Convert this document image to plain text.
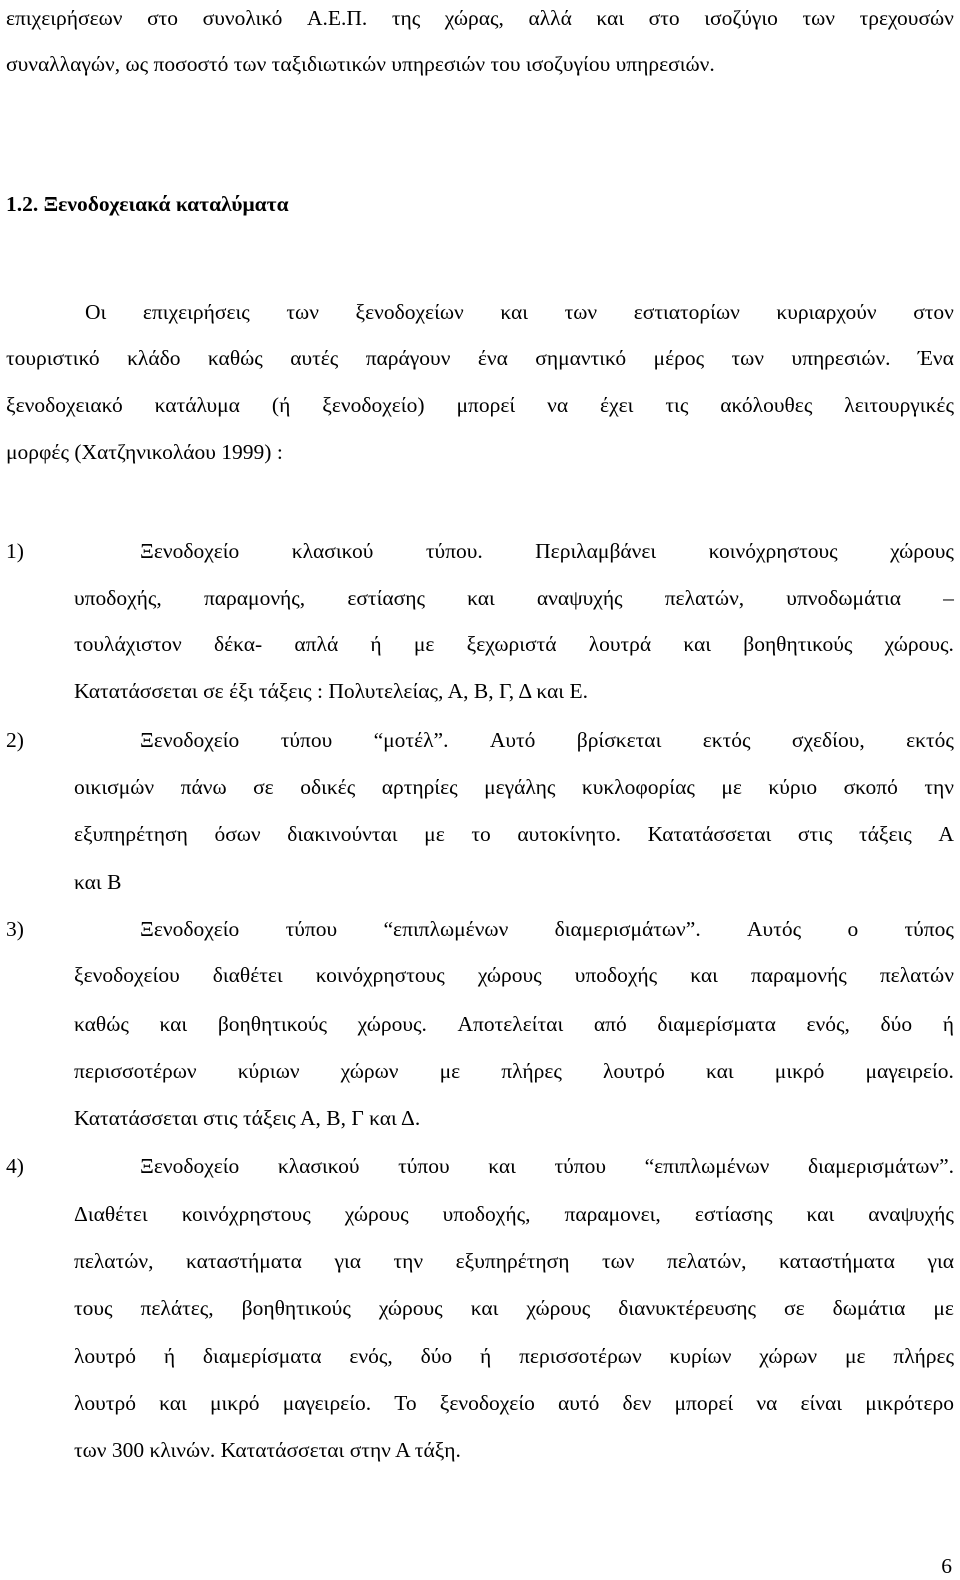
επιχειρήσεων στο συνολικό Α.Ε.Π. της χώρας, αλλά και στο ισοζύγιο των τρεχουσών

συναλλαγών, ως ποσοστό των ταξιδιωτικών υπηρεσιών του ισοζυγίου υπηρεσιών.

1.2. Ξενοδοχειακά καταλύματα

Οι επιχειρήσεις των ξενοδοχείων και των εστιατορίων κυριαρχούν στον

τουριστικό κλάδο καθώς αυτές παράγουν ένα σημαντικό μέρος των υπηρεσιών. Ένα

ξενοδοχειακό κατάλυμα (ή ξενοδοχείο) μπορεί να έχει τις ακόλουθες λειτουργικές

μορφές (Χατζηνικολάου 1999) :

1)	Ξενοδοχείο κλασικού τύπου. Περιλαμβάνει κοινόχρηστους χώρους

υποδοχής, παραμονής, εστίασης και αναψυχής πελατών, υπνοδωμάτια –

τουλάχιστον δέκα- απλά ή με ξεχωριστά λουτρά και βοηθητικούς χώρους.

Κατατάσσεται σε έξι τάξεις : Πολυτελείας, Α, Β, Γ, Δ και Ε.

2)	Ξενοδοχείο τύπου “μοτέλ”. Αυτό βρίσκεται εκτός σχεδίου, εκτός

οικισμών πάνω σε οδικές αρτηρίες μεγάλης κυκλοφορίας με κύριο σκοπό την

εξυπηρέτηση όσων διακινούνται με το αυτοκίνητο. Κατατάσσεται στις τάξεις Α

και Β

3)	Ξενοδοχείο τύπου “επιπλωμένων διαμερισμάτων”. Αυτός ο τύπος

ξενοδοχείου διαθέτει κοινόχρηστους χώρους υποδοχής και παραμονής πελατών

καθώς και βοηθητικούς χώρους. Αποτελείται από διαμερίσματα ενός, δύο ή

περισσοτέρων κύριων χώρων με πλήρες λουτρό και μικρό μαγειρείο.

Κατατάσσεται στις τάξεις Α, Β, Γ και Δ.

4)	Ξενοδοχείο κλασικού τύπου και τύπου “επιπλωμένων διαμερισμάτων”.

Διαθέτει κοινόχρηστους χώρους υποδοχής, παραμονει, εστίασης και αναψυχής

πελατών, καταστήματα για την εξυπηρέτηση των πελατών, καταστήματα για

τους πελάτες, βοηθητικούς χώρους και χώρους διανυκτέρευσης σε δωμάτια με

λουτρό ή διαμερίσματα ενός, δύο ή περισσοτέρων κυρίων χώρων με πλήρες

λουτρό και μικρό μαγειρείο. Το ξενοδοχείο αυτό δεν μπορεί να είναι μικρότερο

των 300 κλινών. Κατατάσσεται στην Α τάξη.

6
